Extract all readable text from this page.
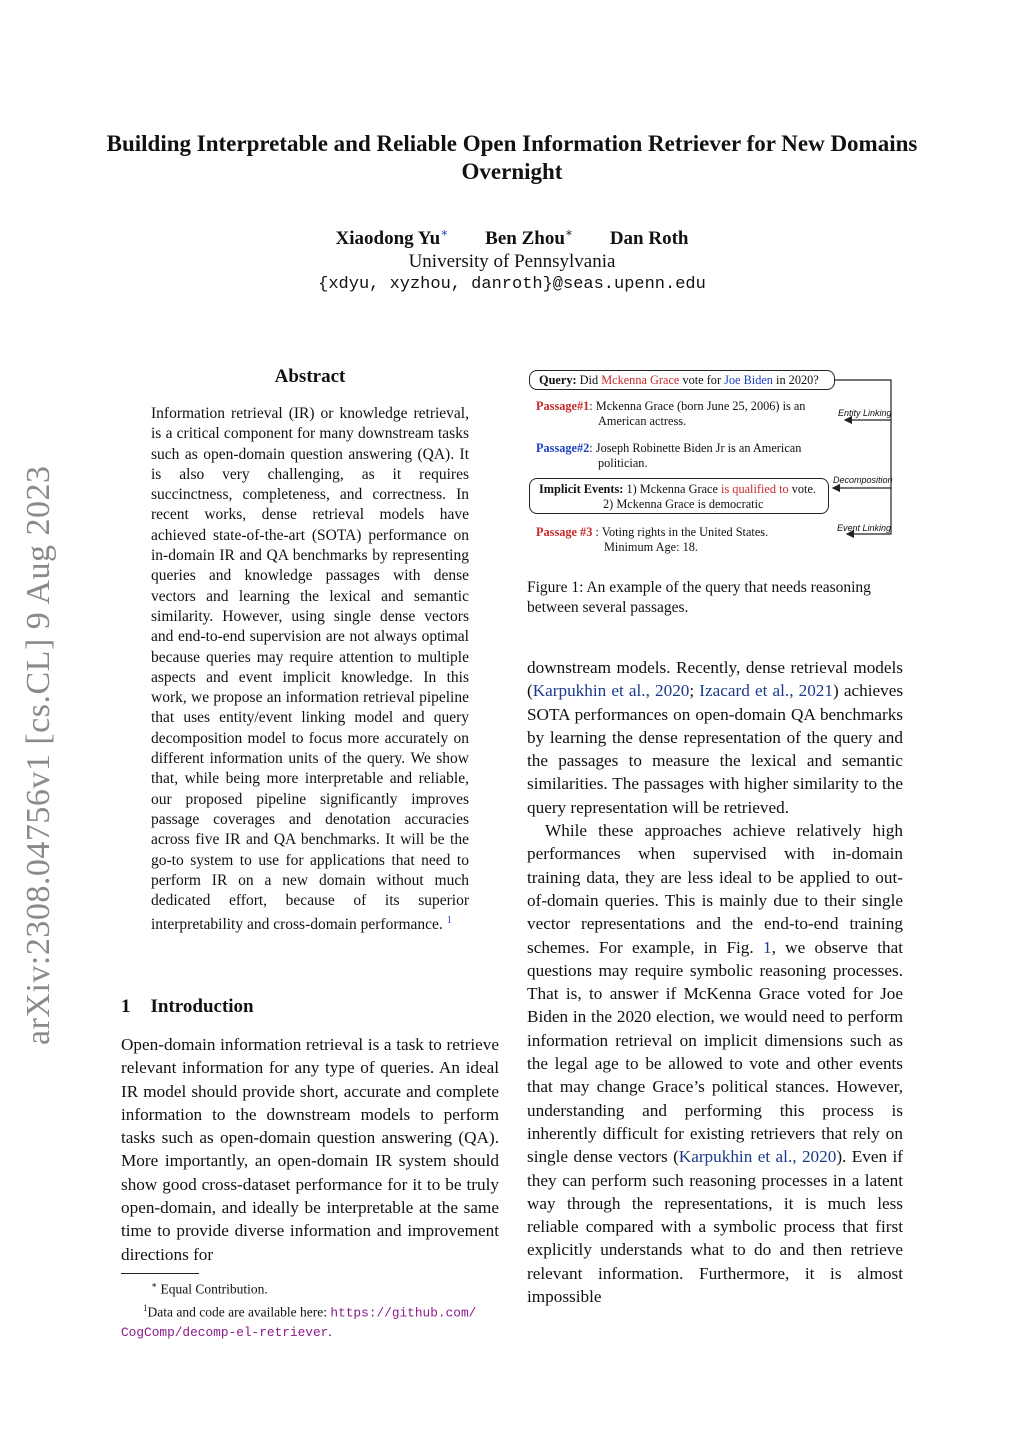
Building Interpretable and Reliable Open Information Retriever for New Domains Overnight
Xiaodong Yu∗ Ben Zhou∗ Dan Roth
University of Pennsylvania
{xdyu, xyzhou, danroth}@seas.upenn.edu
arXiv:2308.04756v1 [cs.CL] 9 Aug 2023
Abstract
Information retrieval (IR) or knowledge retrieval, is a critical component for many downstream tasks such as open-domain question answering (QA). It is also very challenging, as it requires succinctness, completeness, and correctness. In recent works, dense retrieval models have achieved state-of-the-art (SOTA) performance on in-domain IR and QA benchmarks by representing queries and knowledge passages with dense vectors and learning the lexical and semantic similarity. However, using single dense vectors and end-to-end supervision are not always optimal because queries may require attention to multiple aspects and event implicit knowledge. In this work, we propose an information retrieval pipeline that uses entity/event linking model and query decomposition model to focus more accurately on different information units of the query. We show that, while being more interpretable and reliable, our proposed pipeline significantly improves passage coverages and denotation accuracies across five IR and QA benchmarks. It will be the go-to system to use for applications that need to perform IR on a new domain without much dedicated effort, because of its superior interpretability and cross-domain performance. $^1$
1 Introduction
Open-domain information retrieval is a task to retrieve relevant information for any type of queries. An ideal IR model should provide short, accurate and complete information to the downstream models to perform tasks such as open-domain question answering (QA). More importantly, an open-domain IR system should show good cross-dataset performance for it to be truly open-domain, and ideally be interpretable at the same time to provide diverse information and improvement directions for
Query: Did Mckenna Grace vote for Joe Biden in 2020?
Entity Linking
Passage#1: Mckenna Grace (born June 25, 2006) is an
American actress.
Passage#2: Joseph Robinette Biden Jr is an American
politician.
Decomposition
Implicit Events: 1) Mckenna Grace is qualified to vote.
2) Mckenna Grace is democratic
Event Linking
Passage #3 : Voting rights in the United States.
Minimum Age: 18.
Figure 1: An example of the query that needs reasoning between several passages.

downstream models. Recently, dense retrieval models (Karpukhin et al., 2020; Izacard et al., 2021) achieves SOTA performances on open-domain QA benchmarks by learning the dense representation of the query and the passages to measure the lexical and semantic similarities. The passages with higher similarity to the query representation will be retrieved.

While these approaches achieve relatively high performances when supervised with in-domain training data, they are less ideal to be applied to out-of-domain queries. This is mainly due to their single vector representations and the end-to-end training schemes. For example, in Fig. 1, we observe that questions may require symbolic reasoning processes. That is, to answer if McKenna Grace voted for Joe Biden in the 2020 election, we would need to perform information retrieval on implicit dimensions such as the legal age to be allowed to vote and other events that may change Grace’s political stances. However, understanding and performing this process is inherently difficult for existing retrievers that rely on single dense vectors (Karpukhin et al., 2020). Even if they can perform such reasoning processes in a latent way through the representations, it is much less reliable compared with a symbolic process that first explicitly understands what to do and then retrieve relevant information. Furthermore, it is almost impossible

∗ Equal Contribution.
$^1$Data and code are available here: https://github.com/
CogComp/decomp-el-retriever.
